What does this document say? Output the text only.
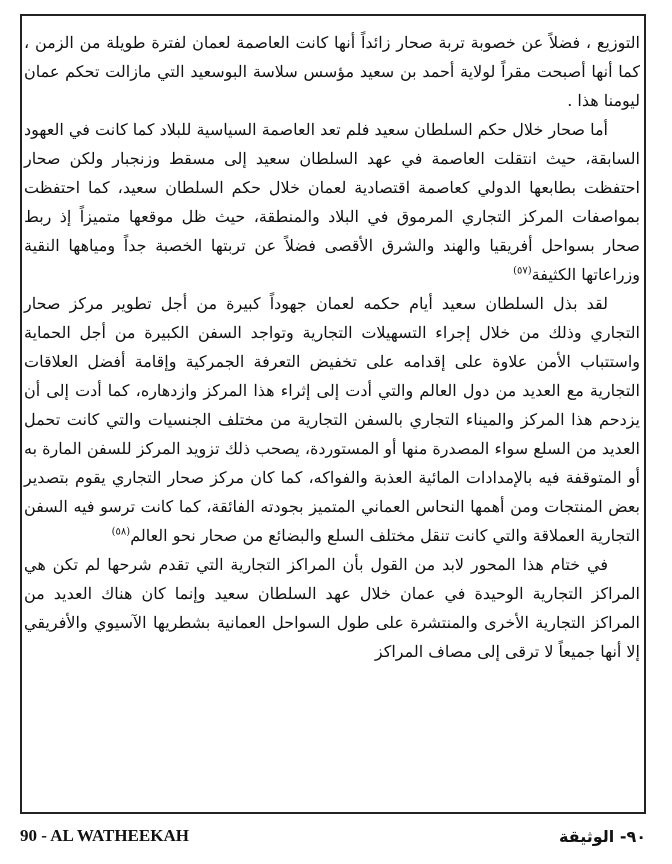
التوزيع ، فضلاً عن خصوبة تربة صحار زائداً أنها كانت العاصمة لعمان لفترة طويلة من الزمن ، كما أنها أصبحت مقراً لولاية أحمد بن سعيد مؤسس سلاسة البوسعيد التي مازالت تحكم عمان ليومنا هذا .

أما صحار خلال حكم السلطان سعيد فلم تعد العاصمة السياسية للبلاد كما كانت في العهود السابقة، حيث انتقلت العاصمة في عهد السلطان سعيد إلى مسقط وزنجبار ولكن صحار احتفظت بطابعها الدولي كعاصمة اقتصادية لعمان خلال حكم السلطان سعيد، كما احتفظت بمواصفات المركز التجاري المرموق في البلاد والمنطقة، حيث ظل موقعها متميزاً إذ ربط صحار بسواحل أفريقيا والهند والشرق الأقصى فضلاً عن تربتها الخصبة جداً ومياهها النقية وزراعاتها الكثيفة$^{(٥٧)}$

لقد بذل السلطان سعيد أيام حكمه لعمان جهوداً كبيرة من أجل تطوير مركز صحار التجاري وذلك من خلال إجراء التسهيلات التجارية وتواجد السفن الكبيرة من أجل الحماية واستتباب الأمن علاوة على إقدامه على تخفيض التعرفة الجمركية وإقامة أفضل العلاقات التجارية مع العديد من دول العالم والتي أدت إلى إثراء هذا المركز وازدهاره، كما أدت إلى أن يزدحم هذا المركز والميناء التجاري بالسفن التجارية من مختلف الجنسيات والتي كانت تحمل العديد من السلع سواء المصدرة منها أو المستوردة، يصحب ذلك تزويد المركز للسفن المارة به أو المتوقفة فيه بالإمدادات المائية العذبة والفواكه، كما كان مركز صحار التجاري يقوم بتصدير بعض المنتجات ومن أهمها النحاس العماني المتميز بجودته الفائقة، كما كانت ترسو فيه السفن التجارية العملاقة والتي كانت تنقل مختلف السلع والبضائع من صحار نحو العالم$^{(٥٨)}$

في ختام هذا المحور لابد من القول بأن المراكز التجارية التي تقدم شرحها لم تكن هي المراكز التجارية الوحيدة في عمان خلال عهد السلطان سعيد وإنما كان هناك العديد من المراكز التجارية الأخرى والمنتشرة على طول السواحل العمانية بشطريها الآسيوي والأفريقي إلا أنها جميعاً لا ترقى إلى مصاف المراكز

90 - AL WATHEEKAH	٩٠- الوثيقة
